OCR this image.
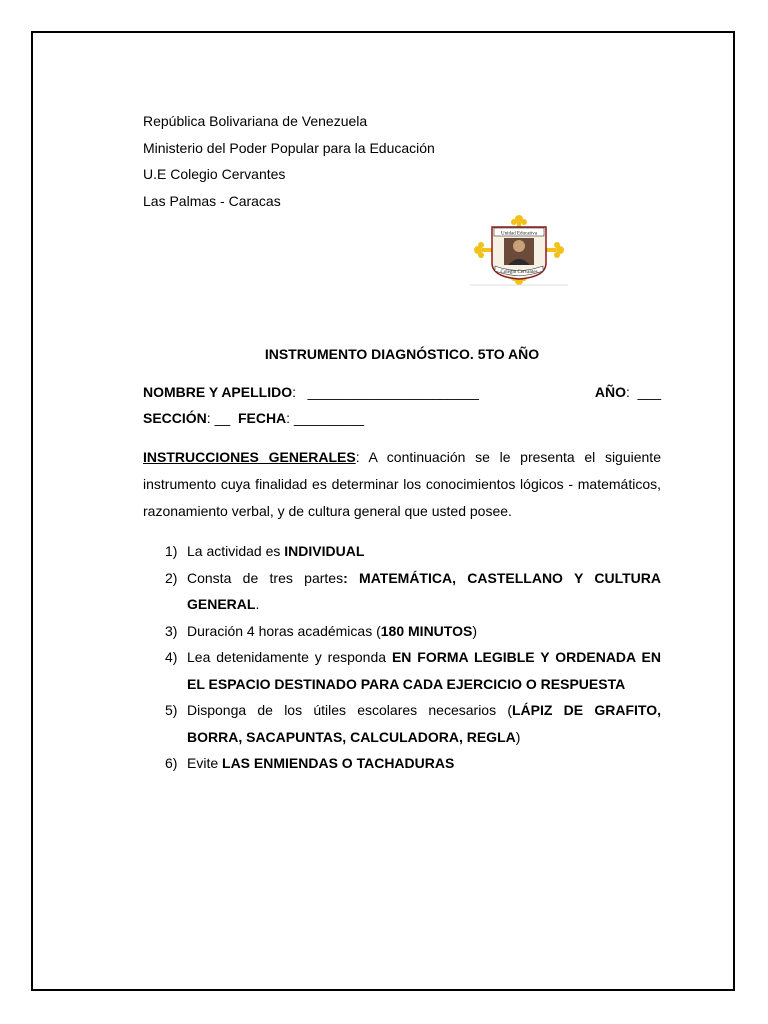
República Bolivariana de Venezuela
Ministerio del Poder Popular para la Educación
U.E Colegio Cervantes
Las Palmas - Caracas
Unidad Educativa
Colegio Cervantes
INSTRUMENTO DIAGNÓSTICO. 5TO AÑO
NOMBRE Y APELLIDO: ______________________	AÑO: ___
SECCIÓN: __ FECHA: _________
INSTRUCCIONES GENERALES: A continuación se le presenta el siguiente instrumento cuya finalidad es determinar los conocimientos lógicos - matemáticos, razonamiento verbal, y de cultura general que usted posee.
1) La actividad es INDIVIDUAL
2) Consta de tres partes: MATEMÁTICA, CASTELLANO Y CULTURA GENERAL.
3) Duración 4 horas académicas (180 MINUTOS)
4) Lea detenidamente y responda EN FORMA LEGIBLE Y ORDENADA EN EL ESPACIO DESTINADO PARA CADA EJERCICIO O RESPUESTA
5) Disponga de los útiles escolares necesarios (LÁPIZ DE GRAFITO, BORRA, SACAPUNTAS, CALCULADORA, REGLA)
6) Evite LAS ENMIENDAS O TACHADURAS
